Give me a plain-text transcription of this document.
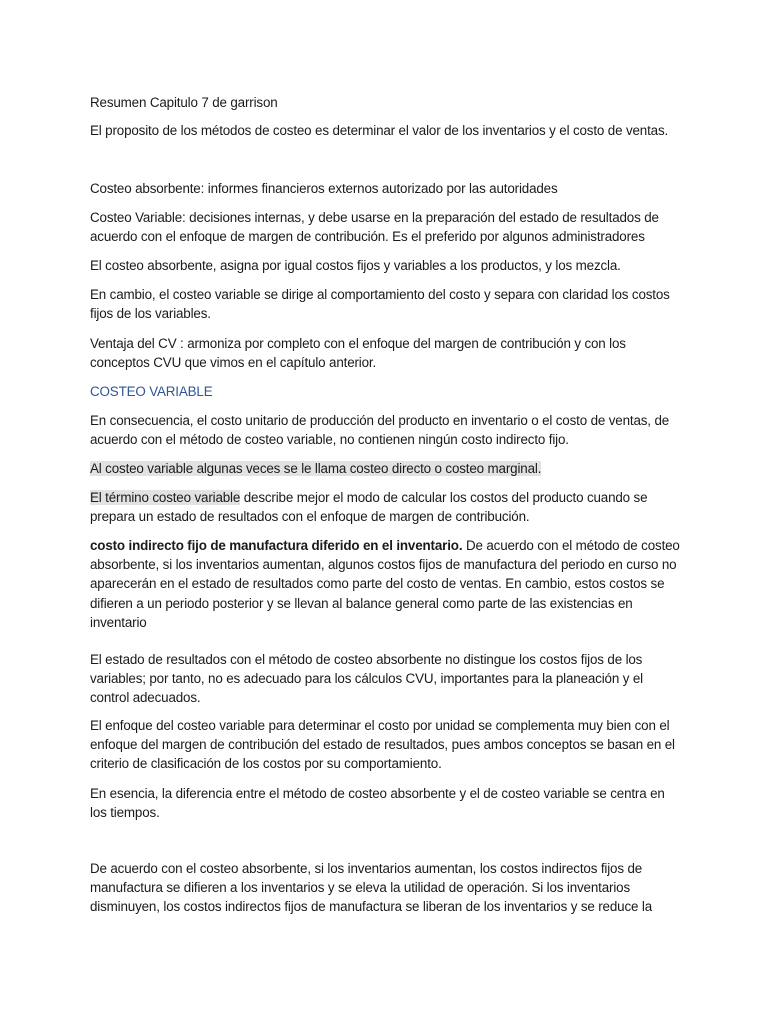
Resumen Capitulo 7 de garrison

El proposito de los métodos de costeo es determinar el valor de los inventarios y el costo de ventas.

Costeo absorbente: informes financieros externos autorizado por las autoridades

Costeo Variable: decisiones internas, y debe usarse en la preparación del estado de resultados de acuerdo con el enfoque de margen de contribución. Es el preferido por algunos administradores

El costeo absorbente, asigna por igual costos fijos y variables a los productos, y los mezcla.

En cambio, el costeo variable se dirige al comportamiento del costo y separa con claridad los costos fijos de los variables.

Ventaja del CV : armoniza por completo con el enfoque del margen de contribución y con los conceptos CVU que vimos en el capítulo anterior.

COSTEO VARIABLE

En consecuencia, el costo unitario de producción del producto en inventario o el costo de ventas, de acuerdo con el método de costeo variable, no contienen ningún costo indirecto fijo.

Al costeo variable algunas veces se le llama costeo directo o costeo marginal.

El término costeo variable describe mejor el modo de calcular los costos del producto cuando se prepara un estado de resultados con el enfoque de margen de contribución.

costo indirecto fijo de manufactura diferido en el inventario. De acuerdo con el método de costeo absorbente, si los inventarios aumentan, algunos costos fijos de manufactura del periodo en curso no aparecerán en el estado de resultados como parte del costo de ventas. En cambio, estos costos se difieren a un periodo posterior y se llevan al balance general como parte de las existencias en inventario

El estado de resultados con el método de costeo absorbente no distingue los costos fijos de los variables; por tanto, no es adecuado para los cálculos CVU, importantes para la planeación y el control adecuados.

El enfoque del costeo variable para determinar el costo por unidad se complementa muy bien con el enfoque del margen de contribución del estado de resultados, pues ambos conceptos se basan en el criterio de clasificación de los costos por su comportamiento.

En esencia, la diferencia entre el método de costeo absorbente y el de costeo variable se centra en los tiempos.

De acuerdo con el costeo absorbente, si los inventarios aumentan, los costos indirectos fijos de manufactura se difieren a los inventarios y se eleva la utilidad de operación. Si los inventarios disminuyen, los costos indirectos fijos de manufactura se liberan de los inventarios y se reduce la
